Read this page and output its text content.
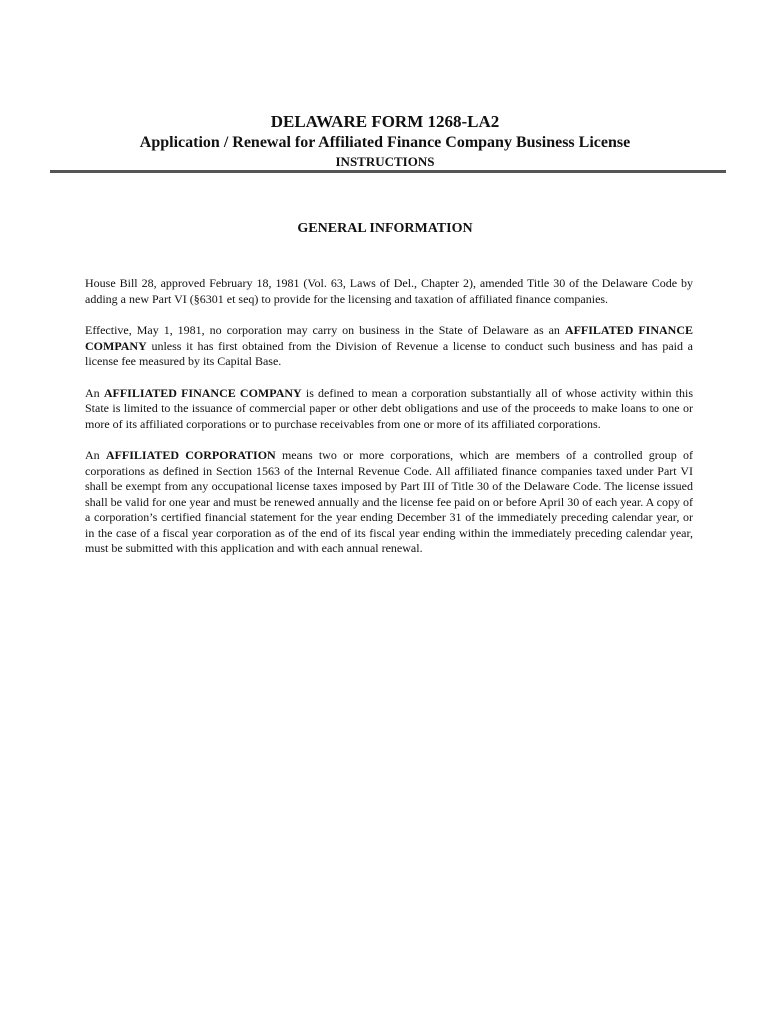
DELAWARE FORM 1268-LA2

Application / Renewal for Affiliated Finance Company Business License

INSTRUCTIONS

GENERAL INFORMATION

House Bill 28, approved February 18, 1981 (Vol. 63, Laws of Del., Chapter 2), amended Title 30 of the Delaware Code by adding a new Part VI (§6301 et seq) to provide for the licensing and taxation of affiliated finance companies.

Effective, May 1, 1981, no corporation may carry on business in the State of Delaware as an AFFILATED FINANCE COMPANY unless it has first obtained from the Division of Revenue a license to conduct such business and has paid a license fee measured by its Capital Base.

An AFFILIATED FINANCE COMPANY is defined to mean a corporation substantially all of whose activity within this State is limited to the issuance of commercial paper or other debt obligations and use of the proceeds to make loans to one or more of its affiliated corporations or to purchase receivables from one or more of its affiliated corporations.

An AFFILIATED CORPORATION means two or more corporations, which are members of a controlled group of corporations as defined in Section 1563 of the Internal Revenue Code. All affiliated finance companies taxed under Part VI shall be exempt from any occupational license taxes imposed by Part III of Title 30 of the Delaware Code. The license issued shall be valid for one year and must be renewed annually and the license fee paid on or before April 30 of each year. A copy of a corporation’s certified financial statement for the year ending December 31 of the immediately preceding calendar year, or in the case of a fiscal year corporation as of the end of its fiscal year ending within the immediately preceding calendar year, must be submitted with this application and with each annual renewal.
